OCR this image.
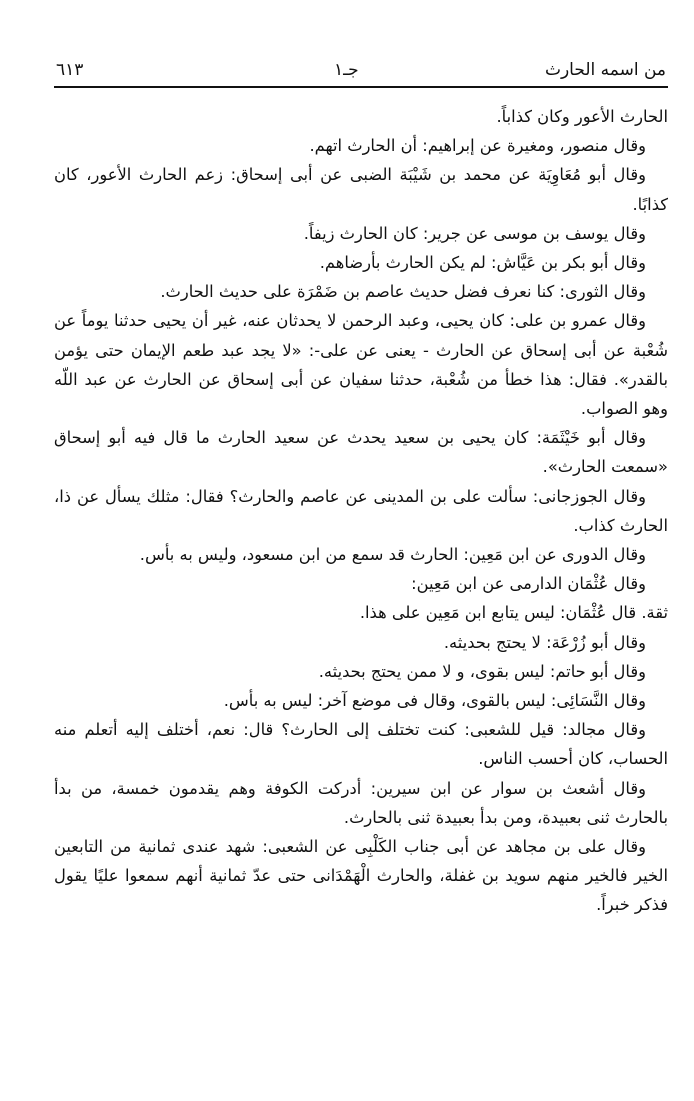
من اسمه الحارث
جـ١
٦١٣

الحارث الأعور وكان كذاباً.

وقال منصور، ومغيرة عن إبراهيم: أن الحارث اتهم.

وقال أبو مُعَاوِيَة عن محمد بن شَيْبَة الضبى عن أبى إسحاق: زعم الحارث الأعور، كان كذابًا.

وقال يوسف بن موسى عن جرير: كان الحارث زيفاً.

وقال أبو بكر بن عَيَّاش: لم يكن الحارث بأرضاهم.

وقال الثورى: كنا نعرف فضل حديث عاصم بن ضَمْرَة على حديث الحارث.

وقال عمرو بن على: كان يحيى، وعبد الرحمن لا يحدثان عنه، غير أن يحيى حدثنا يوماً عن شُعْبة عن أبى إسحاق عن الحارث - يعنى عن على-: «لا يجد عبد طعم الإيمان حتى يؤمن بالقدر». فقال: هذا خطأ من شُعْبة، حدثنا سفيان عن أبى إسحاق عن الحارث عن عبد اللّه وهو الصواب.

وقال أبو خَيْثَمَة: كان يحيى بن سعيد يحدث عن سعيد الحارث ما قال فيه أبو إسحاق «سمعت الحارث».

وقال الجوزجانى: سألت على بن المدينى عن عاصم والحارث؟ فقال: مثلك يسأل عن ذا، الحارث كذاب.

وقال الدورى عن ابن مَعِين: الحارث قد سمع من ابن مسعود، وليس به بأس.

وقال عُثْمَان الدارمى عن ابن مَعِين:

ثقة. قال عُثْمَان: ليس يتابع ابن مَعِين على هذا.

وقال أبو زُرْعَة: لا يحتج بحديثه.

وقال أبو حاتم: ليس بقوى، و لا ممن يحتج بحديثه.

وقال النَّسَائِى: ليس بالقوى، وقال فى موضع آخر: ليس به بأس.

وقال مجالد: قيل للشعبى: كنت تختلف إلى الحارث؟ قال: نعم، أختلف إليه أتعلم منه الحساب، كان أحسب الناس.

وقال أشعث بن سوار عن ابن سيرين: أدركت الكوفة وهم يقدمون خمسة، من بدأ بالحارث ثنى بعبيدة، ومن بدأ بعبيدة ثنى بالحارث.

وقال على بن مجاهد عن أبى جناب الكَلْبِى عن الشعبى: شهد عندى ثمانية من التابعين الخير فالخير منهم سويد بن غفلة، والحارث الْهَمْدَانى حتى عدّ ثمانية أنهم سمعوا عليًا يقول فذكر خبراً.
